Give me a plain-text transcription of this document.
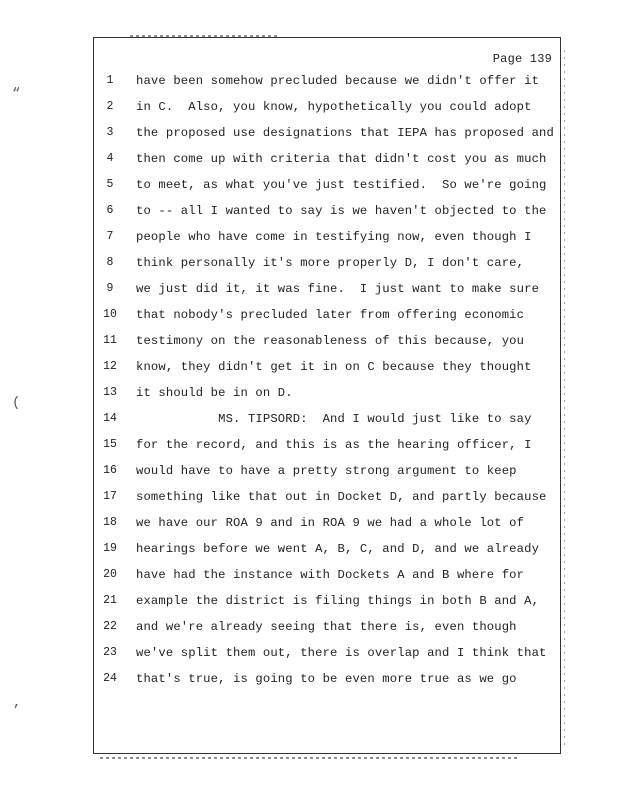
Page 139
1	have been somehow precluded because we didn't offer it
2	in C.  Also, you know, hypothetically you could adopt
3	the proposed use designations that IEPA has proposed and
4	then come up with criteria that didn't cost you as much
5	to meet, as what you've just testified.  So we're going
6	to -- all I wanted to say is we haven't objected to the
7	people who have come in testifying now, even though I
8	think personally it's more properly D, I don't care,
9	we just did it, it was fine.  I just want to make sure
10 that nobody's precluded later from offering economic
11 testimony on the reasonableness of this because, you
12 know, they didn't get it in on C because they thought
13 it should be in on D.
14 MS. TIPSORD:  And I would just like to say
15 for the record, and this is as the hearing officer, I
16 would have to have a pretty strong argument to keep
17 something like that out in Docket D, and partly because
18 we have our ROA 9 and in ROA 9 we had a whole lot of
19 hearings before we went A, B, C, and D, and we already
20 have had the instance with Dockets A and B where for
21 example the district is filing things in both B and A,
22 and we're already seeing that there is, even though
23 we've split them out, there is overlap and I think that
24 that's true, is going to be even more true as we go
“
(
’
